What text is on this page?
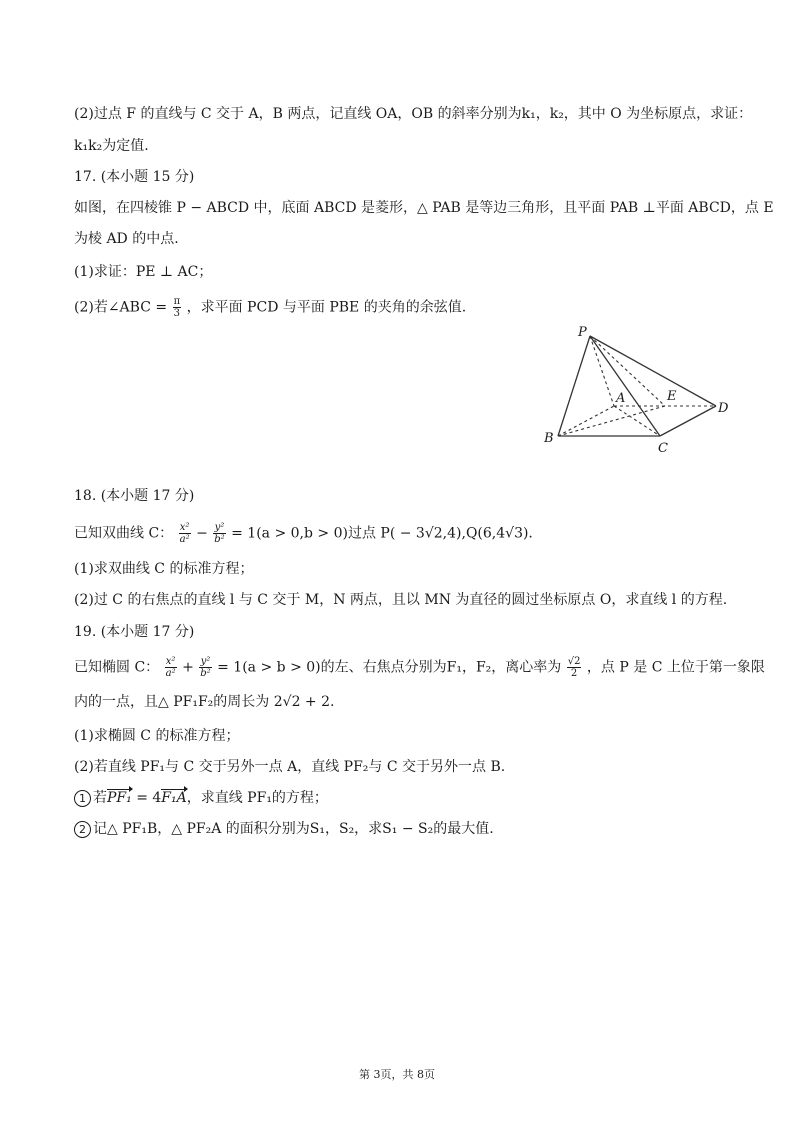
(2)过点 F 的直线与 C 交于 A，B 两点，记直线 OA，OB 的斜率分别为k₁，k₂，其中 O 为坐标原点，求证：
k₁k₂为定值.
17. (本小题 15 分)
如图，在四棱锥 P − ABCD 中，底面 ABCD 是菱形，△ PAB 是等边三角形，且平面 PAB ⊥平面 ABCD，点 E
为棱 AD 的中点.
(1)求证：PE ⊥ AC；
(2)若∠ABC = $\frac{\pi}{3}$ ，求平面 PCD 与平面 PBE 的夹角的余弦值.
P
A	E
D
B
C
18. (本小题 17 分)
已知双曲线 C： $\frac{\text{x²}}{\text{a²}} - \frac{\text{y²}}{\text{b²}} = 1(a > 0,b > 0)$过点 P( − 3√2,4),Q(6,4√3).
(1)求双曲线 C 的标准方程；
(2)过 C 的右焦点的直线 l 与 C 交于 M，N 两点，且以 MN 为直径的圆过坐标原点 O，求直线 l 的方程.
19. (本小题 17 分)
已知椭圆 C： $\frac{\text{x²}}{\text{a²}} + \frac{\text{y²}}{\text{b²}} = 1(a > b > 0)$的左、右焦点分别为F₁，F₂，离心率为 $\frac{√2}{2}$ ，点 P 是 C 上位于第一象限
内的一点，且△ PF₁F₂的周长为 2√2 + 2.
(1)求椭圆 C 的标准方程；
(2)若直线 PF₁与 C 交于另外一点 A，直线 PF₂与 C 交于另外一点 B.
1 若PF₁ = 4F₁A，求直线 PF₁的方程；
2 记△ PF₁B，△ PF₂A 的面积分别为S₁，S₂，求S₁ − S₂的最大值.
第 3页，共 8页
